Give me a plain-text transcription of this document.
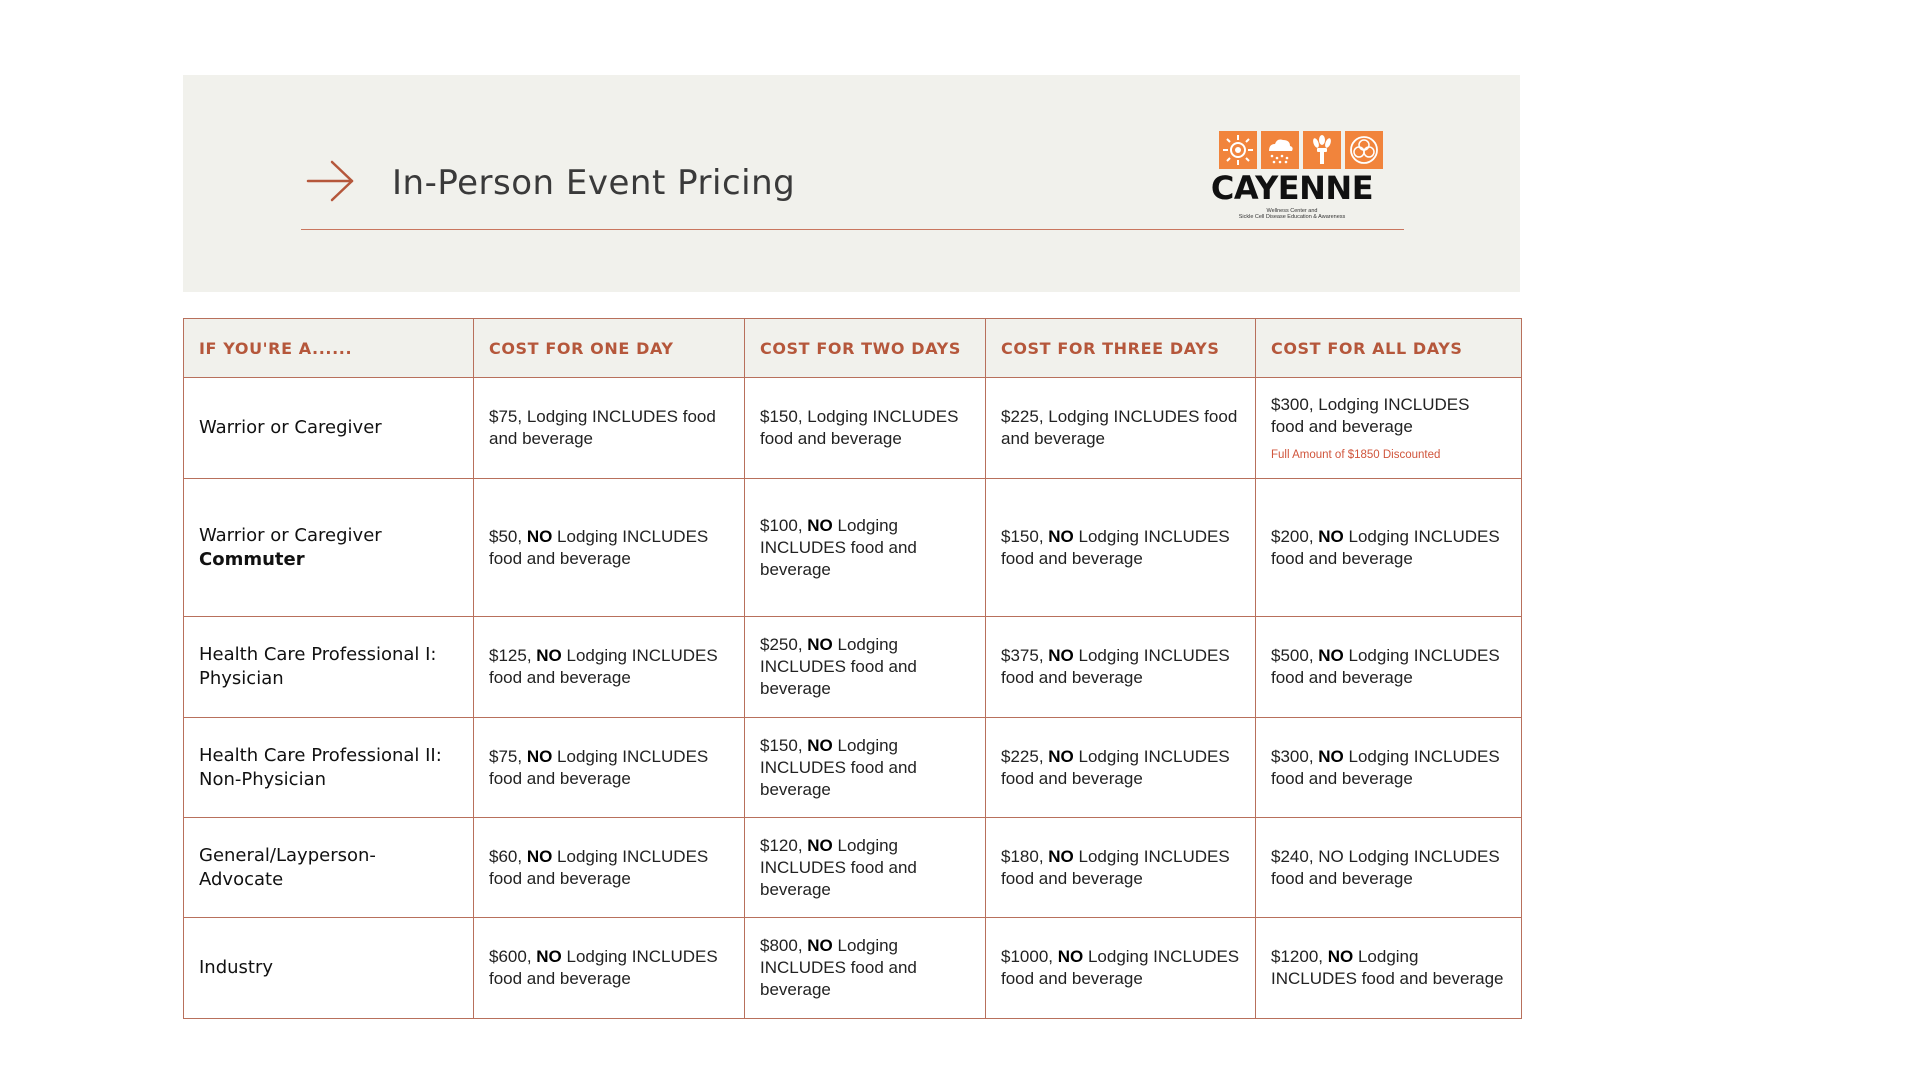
In-Person Event Pricing	CAYENNE
Wellness Center and
Sickle Cell Disease Education & Awareness
IF YOU'RE A......	COST FOR ONE DAY	COST FOR TWO DAYS	COST FOR THREE DAYS	COST FOR ALL DAYS
Warrior or Caregiver	$75, Lodging INCLUDES food and beverage	$150, Lodging INCLUDES food and beverage	$225, Lodging INCLUDES food and beverage	$300, Lodging INCLUDES food and beverage
Full Amount of $1850 Discounted

Warrior or Caregiver
Commuter	$50, NO Lodging INCLUDES food and beverage	$100, NO Lodging INCLUDES food and beverage	$150, NO Lodging INCLUDES food and beverage	$200, NO Lodging INCLUDES food and beverage
Health Care Professional I: Physician	$125, NO Lodging INCLUDES food and beverage	$250, NO Lodging INCLUDES food and beverage	$375, NO Lodging INCLUDES food and beverage	$500, NO Lodging INCLUDES food and beverage
Health Care Professional II: Non-Physician	$75, NO Lodging INCLUDES food and beverage	$150, NO Lodging INCLUDES food and beverage	$225, NO Lodging INCLUDES food and beverage	$300, NO Lodging INCLUDES food and beverage
General/Layperson-Advocate	$60, NO Lodging INCLUDES food and beverage	$120, NO Lodging INCLUDES food and beverage	$180, NO Lodging INCLUDES food and beverage	$240, NO Lodging INCLUDES food and beverage
Industry	$600, NO Lodging INCLUDES food and beverage	$800, NO Lodging INCLUDES food and beverage	$1000, NO Lodging INCLUDES food and beverage	$1200, NO Lodging INCLUDES food and beverage
